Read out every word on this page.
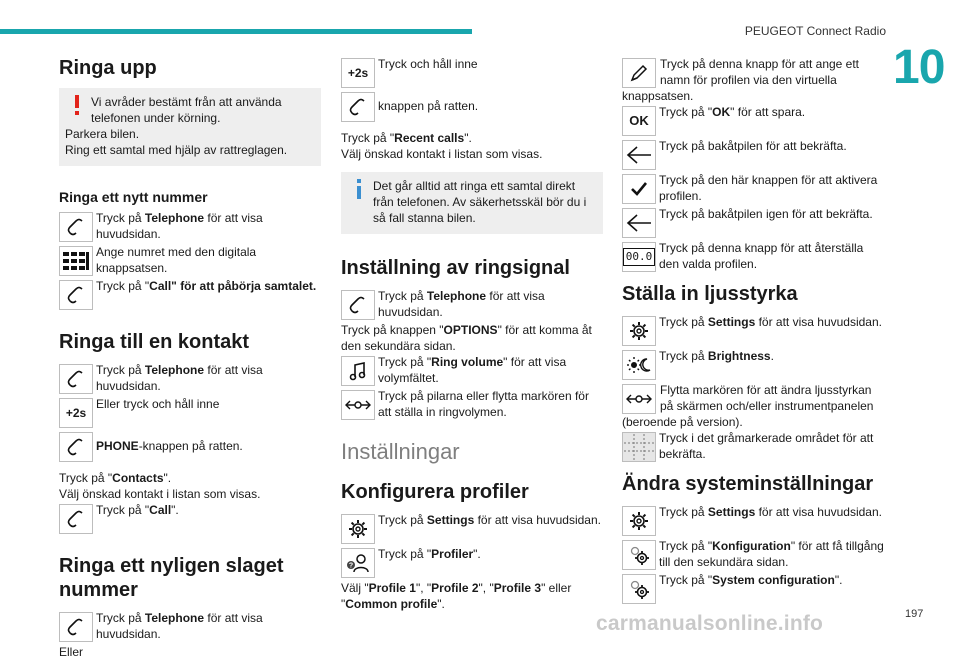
PEUGEOT Connect Radio
10
197
carmanualsonline.info
Ringa upp
Vi avråder bestämt från att använda telefonen under körning.
Parkera bilen.
Ring ett samtal med hjälp av rattreglagen.
Ringa ett nytt nummer
Tryck på Telephone för att visa huvudsidan.
Ange numret med den digitala knappsatsen.
Tryck på "Call" för att påbörja samtalet.
Ringa till en kontakt
Tryck på Telephone för att visa huvudsidan.
+2s
Eller tryck och håll inne
PHONE-knappen på ratten.

Tryck på "Contacts".

Välj önskad kontakt i listan som visas.

Tryck på "Call".
Ringa ett nyligen slaget nummer
Tryck på Telephone för att visa huvudsidan.

Eller

+2s
Tryck och håll inne
knappen på ratten.

Tryck på "Recent calls".

Välj önskad kontakt i listan som visas.

Det går alltid att ringa ett samtal direkt från telefonen. Av säkerhetsskäl bör du i så fall stanna bilen.
Inställning av ringsignal
Tryck på Telephone för att visa huvudsidan.

Tryck på knappen "OPTIONS" för att komma åt den sekundära sidan.

Tryck på "Ring volume" för att visa volymfältet.
Tryck på pilarna eller flytta markören för att ställa in ringvolymen.
Inställningar
Konfigurera profiler
Tryck på Settings för att visa huvudsidan.
?
Tryck på "Profiler".

Välj "Profile 1", "Profile 2", "Profile 3" eller "Common profile".

Tryck på denna knapp för att ange ett namn för profilen via den virtuella knappsatsen.
OK
Tryck på "OK" för att spara.
Tryck på bakåtpilen för att bekräfta.
Tryck på den här knappen för att aktivera profilen.
Tryck på bakåtpilen igen för att bekräfta.
00.0
Tryck på denna knapp för att återställa den valda profilen.
Ställa in ljusstyrka
Tryck på Settings för att visa huvudsidan.
Tryck på Brightness.
Flytta markören för att ändra ljusstyrkan på skärmen och/eller instrumentpanelen (beroende på version).
Tryck i det gråmarkerade området för att bekräfta.
Ändra systeminställningar
Tryck på Settings för att visa huvudsidan.
Tryck på "Konfiguration" för att få tillgång till den sekundära sidan.
Tryck på "System configuration".
